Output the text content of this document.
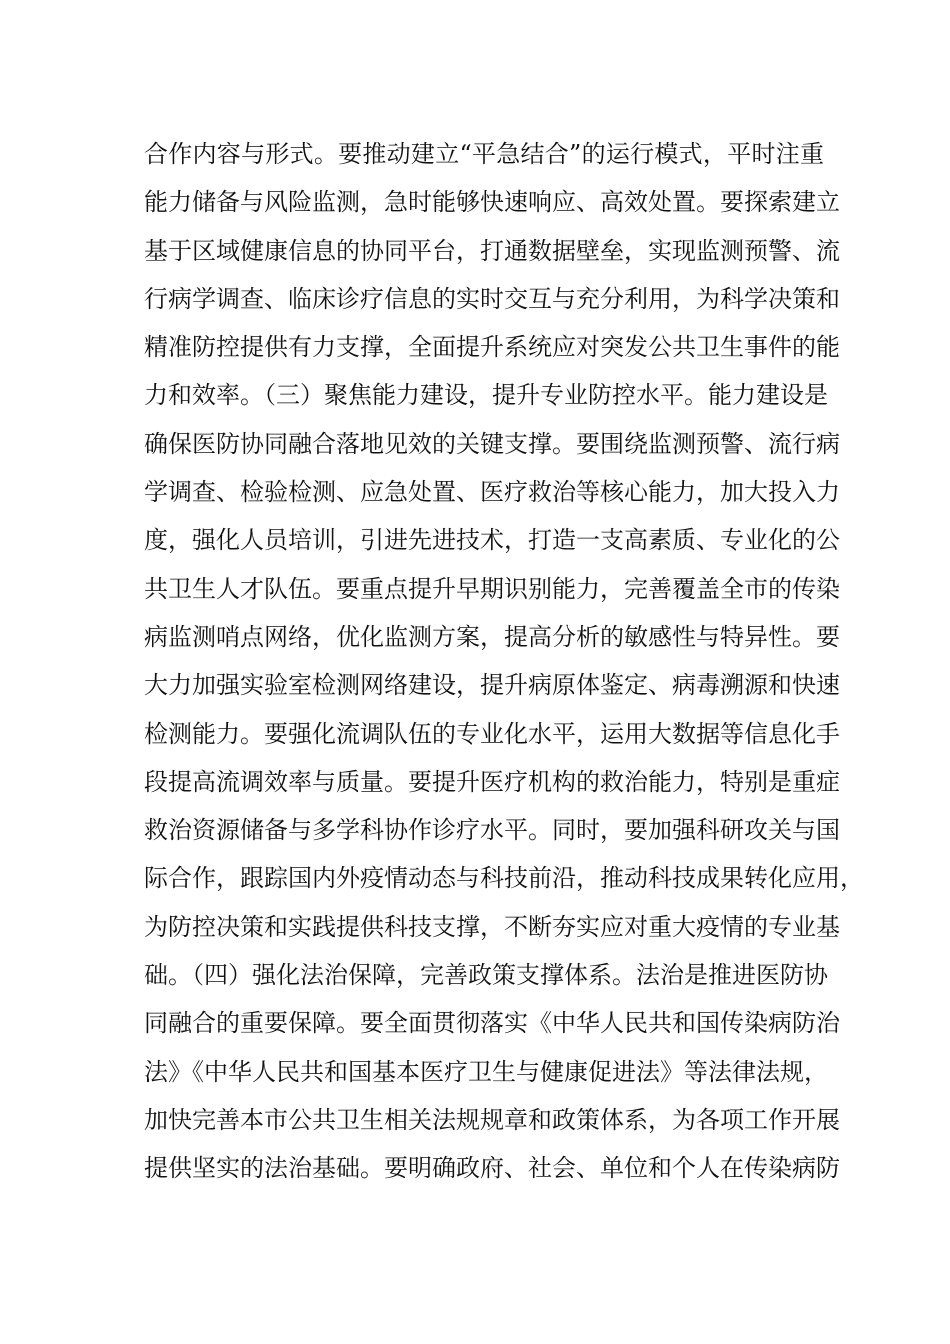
合作内容与形式。要推动建立“平急结合”的运行模式，平时注重
能力储备与风险监测，急时能够快速响应、高效处置。要探索建立
基于区域健康信息的协同平台，打通数据壁垒，实现监测预警、流
行病学调查、临床诊疗信息的实时交互与充分利用，为科学决策和
精准防控提供有力支撑，全面提升系统应对突发公共卫生事件的能
力和效率。（三）聚焦能力建设，提升专业防控水平。能力建设是
确保医防协同融合落地见效的关键支撑。要围绕监测预警、流行病
学调查、检验检测、应急处置、医疗救治等核心能力，加大投入力
度，强化人员培训，引进先进技术，打造一支高素质、专业化的公
共卫生人才队伍。要重点提升早期识别能力，完善覆盖全市的传染
病监测哨点网络，优化监测方案，提高分析的敏感性与特异性。要
大力加强实验室检测网络建设，提升病原体鉴定、病毒溯源和快速
检测能力。要强化流调队伍的专业化水平，运用大数据等信息化手
段提高流调效率与质量。要提升医疗机构的救治能力，特别是重症
救治资源储备与多学科协作诊疗水平。同时，要加强科研攻关与国
际合作，跟踪国内外疫情动态与科技前沿，推动科技成果转化应用，
为防控决策和实践提供科技支撑，不断夯实应对重大疫情的专业基
础。（四）强化法治保障，完善政策支撑体系。法治是推进医防协
同融合的重要保障。要全面贯彻落实《中华人民共和国传染病防治
法》《中华人民共和国基本医疗卫生与健康促进法》等法律法规，
加快完善本市公共卫生相关法规规章和政策体系，为各项工作开展
提供坚实的法治基础。要明确政府、社会、单位和个人在传染病防
